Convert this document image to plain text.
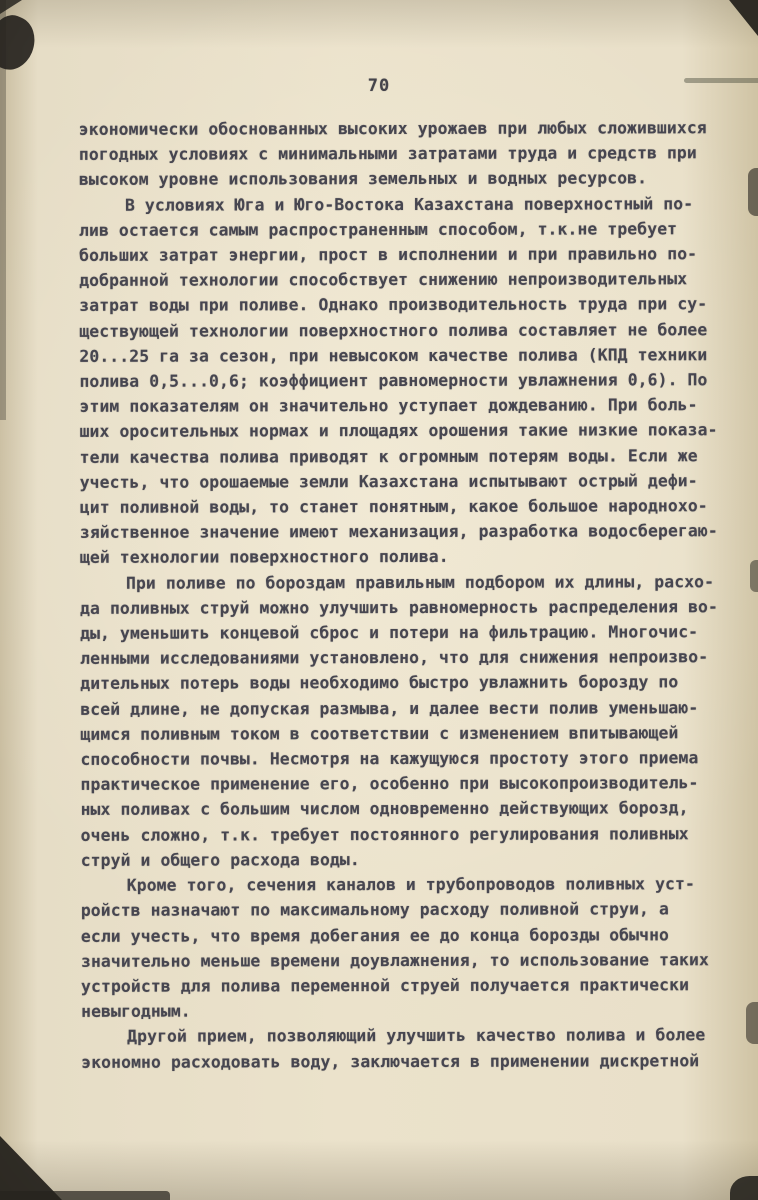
70

экономически обоснованных высоких урожаев при любых сложившихся
погодных условиях с минимальными затратами труда и средств при
высоком уровне использования земельных и водных ресурсов.

В условиях Юга и Юго-Востока Казахстана поверхностный по-
лив остается самым распространенным способом, т.к.не требует
больших затрат энергии, прост в исполнении и при правильно по-
добранной технологии способствует снижению непроизводительных
затрат воды при поливе. Однако производительность труда при су-
ществующей технологии поверхностного полива составляет не более
20...25 га за сезон, при невысоком качестве полива (КПД техники
полива 0,5...0,6; коэффициент равномерности увлажнения 0,6). По
этим показателям он значительно уступает дождеванию. При боль-
ших оросительных нормах и площадях орошения такие низкие показа-
тели качества полива приводят к огромным потерям воды. Если же
учесть, что орошаемые земли Казахстана испытывают острый дефи-
цит поливной воды, то станет понятным, какое большое народнохо-
зяйственное значение имеют механизация, разработка водосберегаю-
щей технологии поверхностного полива.

При поливе по бороздам правильным подбором их длины, расхо-
да поливных струй можно улучшить равномерность распределения во-
ды, уменьшить концевой сброс и потери на фильтрацию. Многочис-
ленными исследованиями установлено, что для снижения непроизво-
дительных потерь воды необходимо быстро увлажнить борозду по
всей длине, не допуская размыва, и далее вести полив уменьшаю-
щимся поливным током в соответствии с изменением впитывающей
способности почвы. Несмотря на кажущуюся простоту этого приема
практическое применение его, особенно при высокопроизводитель-
ных поливах с большим числом одновременно действующих борозд,
очень сложно, т.к. требует постоянного регулирования поливных
струй и общего расхода воды.

Кроме того, сечения каналов и трубопроводов поливных уст-
ройств назначают по максимальному расходу поливной струи, а
если учесть, что время добегания ее до конца борозды обычно
значительно меньше времени доувлажнения, то использование таких
устройств для полива переменной струей получается практически
невыгодным.

Другой прием, позволяющий улучшить качество полива и более
экономно расходовать воду, заключается в применении дискретной
